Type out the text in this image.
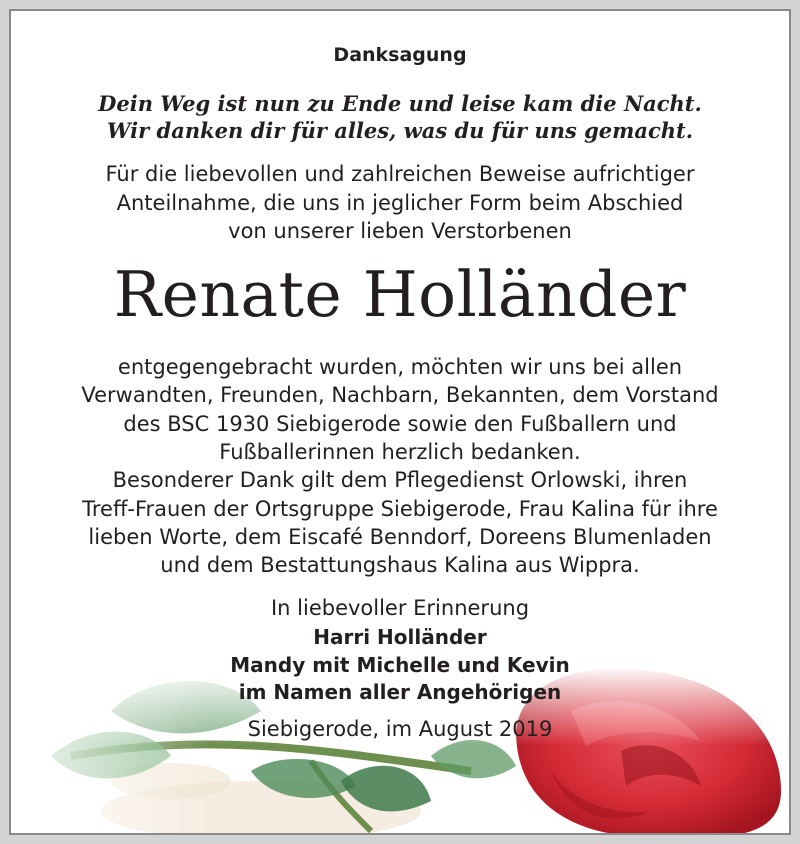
Danksagung
Dein Weg ist nun zu Ende und leise kam die Nacht.
Wir danken dir für alles, was du für uns gemacht.
Für die liebevollen und zahlreichen Beweise aufrichtiger
Anteilnahme, die uns in jeglicher Form beim Abschied
von unserer lieben Verstorbenen
Renate Holländer
entgegengebracht wurden, möchten wir uns bei allen
Verwandten, Freunden, Nachbarn, Bekannten, dem Vorstand
des BSC 1930 Siebigerode sowie den Fußballern und
Fußballerinnen herzlich bedanken.
Besonderer Dank gilt dem Pflegedienst Orlowski, ihren
Treff-Frauen der Ortsgruppe Siebigerode, Frau Kalina für ihre
lieben Worte, dem Eiscafé Benndorf, Doreens Blumenladen
und dem Bestattungshaus Kalina aus Wippra.
In liebevoller Erinnerung
Harri Holländer
Mandy mit Michelle und Kevin
im Namen aller Angehörigen
Siebigerode, im August 2019
